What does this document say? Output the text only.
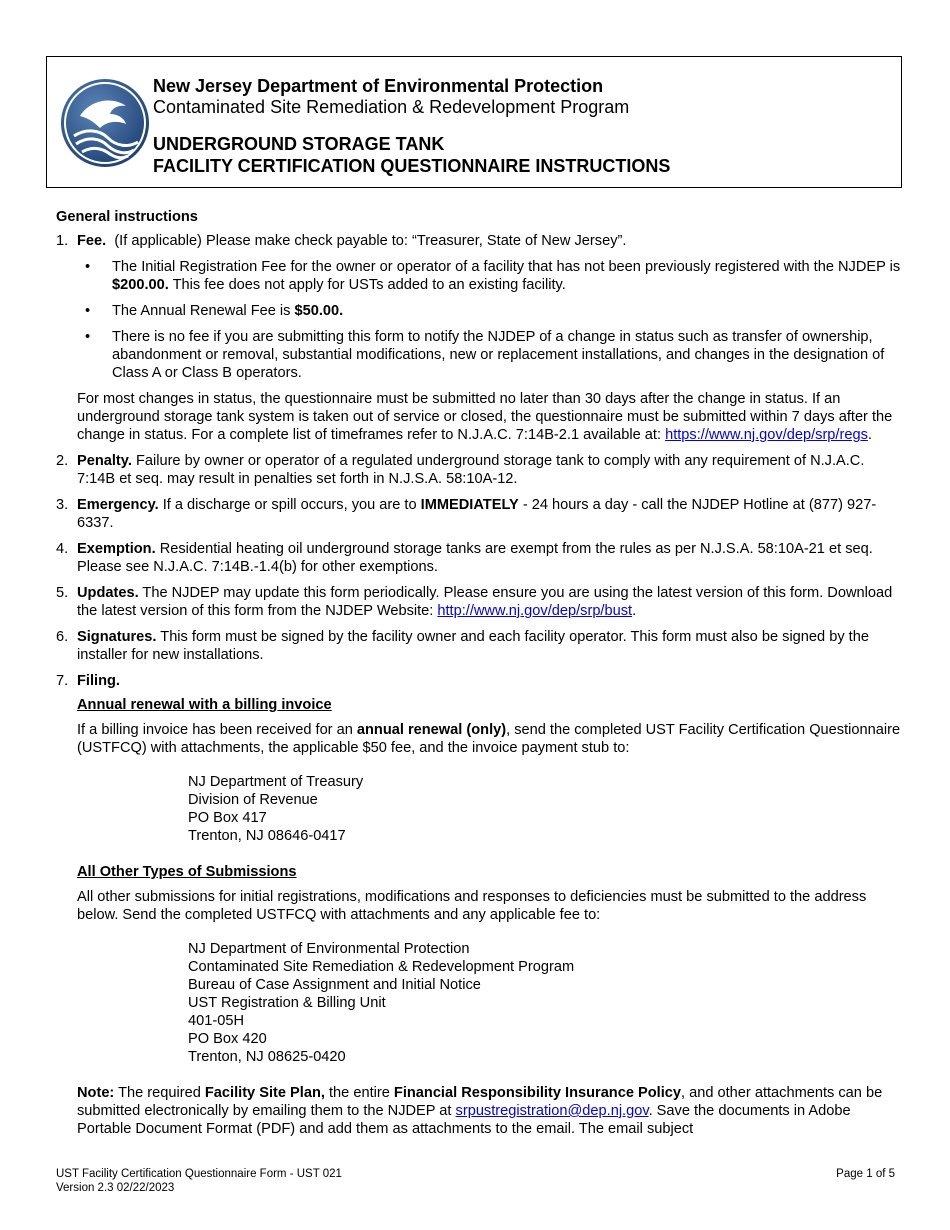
New Jersey Department of Environmental Protection
Contaminated Site Remediation & Redevelopment Program
UNDERGROUND STORAGE TANK
FACILITY CERTIFICATION QUESTIONNAIRE INSTRUCTIONS
General instructions
1. Fee. (If applicable) Please make check payable to: “Treasurer, State of New Jersey”.
• The Initial Registration Fee for the owner or operator of a facility that has not been previously registered with the NJDEP is $200.00. This fee does not apply for USTs added to an existing facility.
• The Annual Renewal Fee is $50.00.
• There is no fee if you are submitting this form to notify the NJDEP of a change in status such as transfer of ownership, abandonment or removal, substantial modifications, new or replacement installations, and changes in the designation of Class A or Class B operators.
For most changes in status, the questionnaire must be submitted no later than 30 days after the change in status. If an underground storage tank system is taken out of service or closed, the questionnaire must be submitted within 7 days after the change in status. For a complete list of timeframes refer to N.J.A.C. 7:14B-2.1 available at: https://www.nj.gov/dep/srp/regs.
2. Penalty. Failure by owner or operator of a regulated underground storage tank to comply with any requirement of N.J.A.C. 7:14B et seq. may result in penalties set forth in N.J.S.A. 58:10A-12.
3. Emergency. If a discharge or spill occurs, you are to IMMEDIATELY - 24 hours a day - call the NJDEP Hotline at (877) 927-6337.
4. Exemption. Residential heating oil underground storage tanks are exempt from the rules as per N.J.S.A. 58:10A-21 et seq. Please see N.J.A.C. 7:14B.-1.4(b) for other exemptions.
5. Updates. The NJDEP may update this form periodically. Please ensure you are using the latest version of this form. Download the latest version of this form from the NJDEP Website: http://www.nj.gov/dep/srp/bust.
6. Signatures. This form must be signed by the facility owner and each facility operator. This form must also be signed by the installer for new installations.
7. Filing.
Annual renewal with a billing invoice
If a billing invoice has been received for an annual renewal (only), send the completed UST Facility Certification Questionnaire (USTFCQ) with attachments, the applicable $50 fee, and the invoice payment stub to:
NJ Department of Treasury
Division of Revenue
PO Box 417
Trenton, NJ 08646-0417
All Other Types of Submissions
All other submissions for initial registrations, modifications and responses to deficiencies must be submitted to the address below. Send the completed USTFCQ with attachments and any applicable fee to:
NJ Department of Environmental Protection
Contaminated Site Remediation & Redevelopment Program
Bureau of Case Assignment and Initial Notice
UST Registration & Billing Unit
401-05H
PO Box 420
Trenton, NJ 08625-0420
Note: The required Facility Site Plan, the entire Financial Responsibility Insurance Policy, and other attachments can be submitted electronically by emailing them to the NJDEP at srpustregistration@dep.nj.gov. Save the documents in Adobe Portable Document Format (PDF) and add them as attachments to the email. The email subject
UST Facility Certification Questionnaire Form - UST 021
Version 2.3 02/22/2023
Page 1 of 5
